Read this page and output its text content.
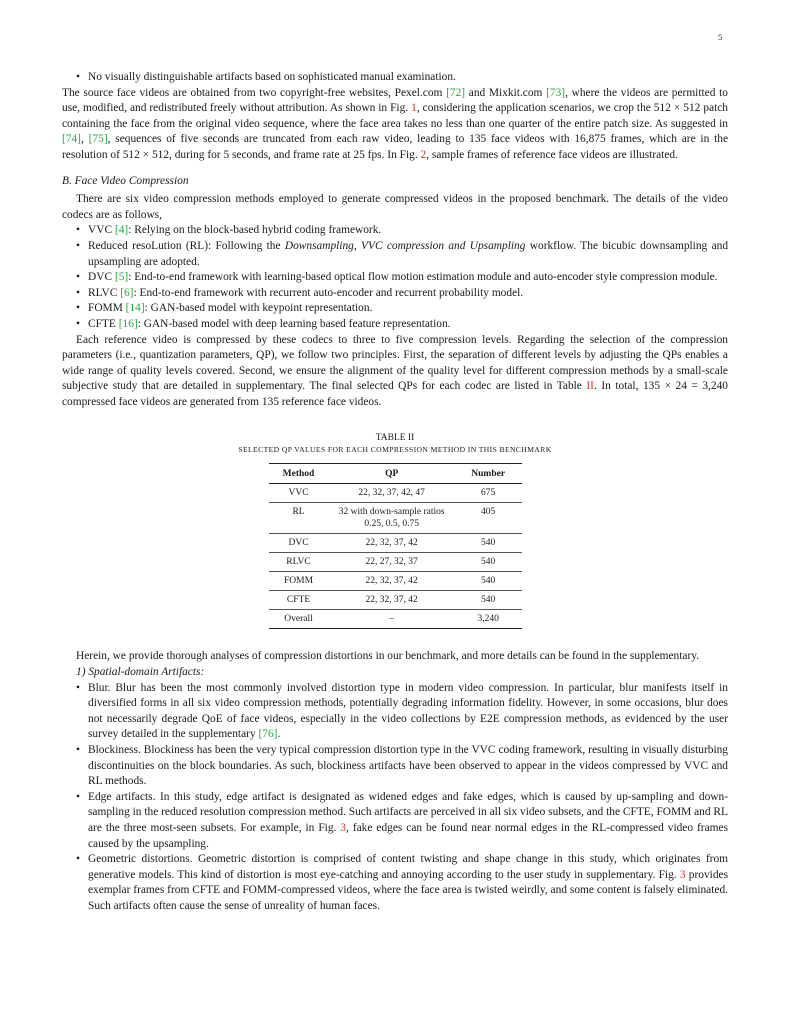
5
• No visually distinguishable artifacts based on sophisticated manual examination.

The source face videos are obtained from two copyright-free websites, Pexel.com [72] and Mixkit.com [73], where the videos are permitted to use, modified, and redistributed freely without attribution. As shown in Fig. 1, considering the application scenarios, we crop the 512 × 512 patch containing the face from the original video sequence, where the face area takes no less than one quarter of the entire patch size. As suggested in [74], [75], sequences of five seconds are truncated from each raw video, leading to 135 face videos with 16,875 frames, which are in the resolution of 512 × 512, during for 5 seconds, and frame rate at 25 fps. In Fig. 2, sample frames of reference face videos are illustrated.

B. Face Video Compression

There are six video compression methods employed to generate compressed videos in the proposed benchmark. The details of the video codecs are as follows,

• VVC [4]: Relying on the block-based hybrid coding framework.
• Reduced resoLution (RL): Following the Downsampling, VVC compression and Upsampling workflow. The bicubic downsampling and upsampling are adopted.
• DVC [5]: End-to-end framework with learning-based optical flow motion estimation module and auto-encoder style compression module.
• RLVC [6]: End-to-end framework with recurrent auto-encoder and recurrent probability model.
• FOMM [14]: GAN-based model with keypoint representation.
• CFTE [16]: GAN-based model with deep learning based feature representation.

Each reference video is compressed by these codecs to three to five compression levels. Regarding the selection of the compression parameters (i.e., quantization parameters, QP), we follow two principles. First, the separation of different levels by adjusting the QPs enables a wide range of quality levels covered. Second, we ensure the alignment of the quality level for different compression methods by a small-scale subjective study that are detailed in supplementary. The final selected QPs for each codec are listed in Table II. In total, 135 × 24 = 3,240 compressed face videos are generated from 135 reference face videos.

TABLE II
SELECTED QP VALUES FOR EACH COMPRESSION METHOD IN THIS BENCHMARK
Method	QP	Number
VVC	22, 32, 37, 42, 47	675
RL	32 with down-sample ratios 0.25, 0.5, 0.75	405
DVC	22, 32, 37, 42	540
RLVC	22, 27, 32, 37	540
FOMM	22, 32, 37, 42	540
CFTE	22, 32, 37, 42	540
Overall	–	3,240

Herein, we provide thorough analyses of compression distortions in our benchmark, and more details can be found in the supplementary.

1) Spatial-domain Artifacts:
• Blur. Blur has been the most commonly involved distortion type in modern video compression. In particular, blur manifests itself in diversified forms in all six video compression methods, potentially degrading information fidelity. However, in some occasions, blur does not necessarily degrade QoE of face videos, especially in the video collections by E2E compression methods, as evidenced by the user survey detailed in the supplementary [76].
• Blockiness. Blockiness has been the very typical compression distortion type in the VVC coding framework, resulting in visually disturbing discontinuities on the block boundaries. As such, blockiness artifacts have been observed to appear in the videos compressed by VVC and RL methods.
• Edge artifacts. In this study, edge artifact is designated as widened edges and fake edges, which is caused by up-sampling and down-sampling in the reduced resolution compression method. Such artifacts are perceived in all six video subsets, and the CFTE, FOMM and RL are the three most-seen subsets. For example, in Fig. 3, fake edges can be found near normal edges in the RL-compressed video frames caused by the upsampling.
• Geometric distortions. Geometric distortion is comprised of content twisting and shape change in this study, which originates from generative models. This kind of distortion is most eye-catching and annoying according to the user study in supplementary. Fig. 3 provides exemplar frames from CFTE and FOMM-compressed videos, where the face area is twisted weirdly, and some content is falsely eliminated. Such artifacts often cause the sense of unreality of human faces.
